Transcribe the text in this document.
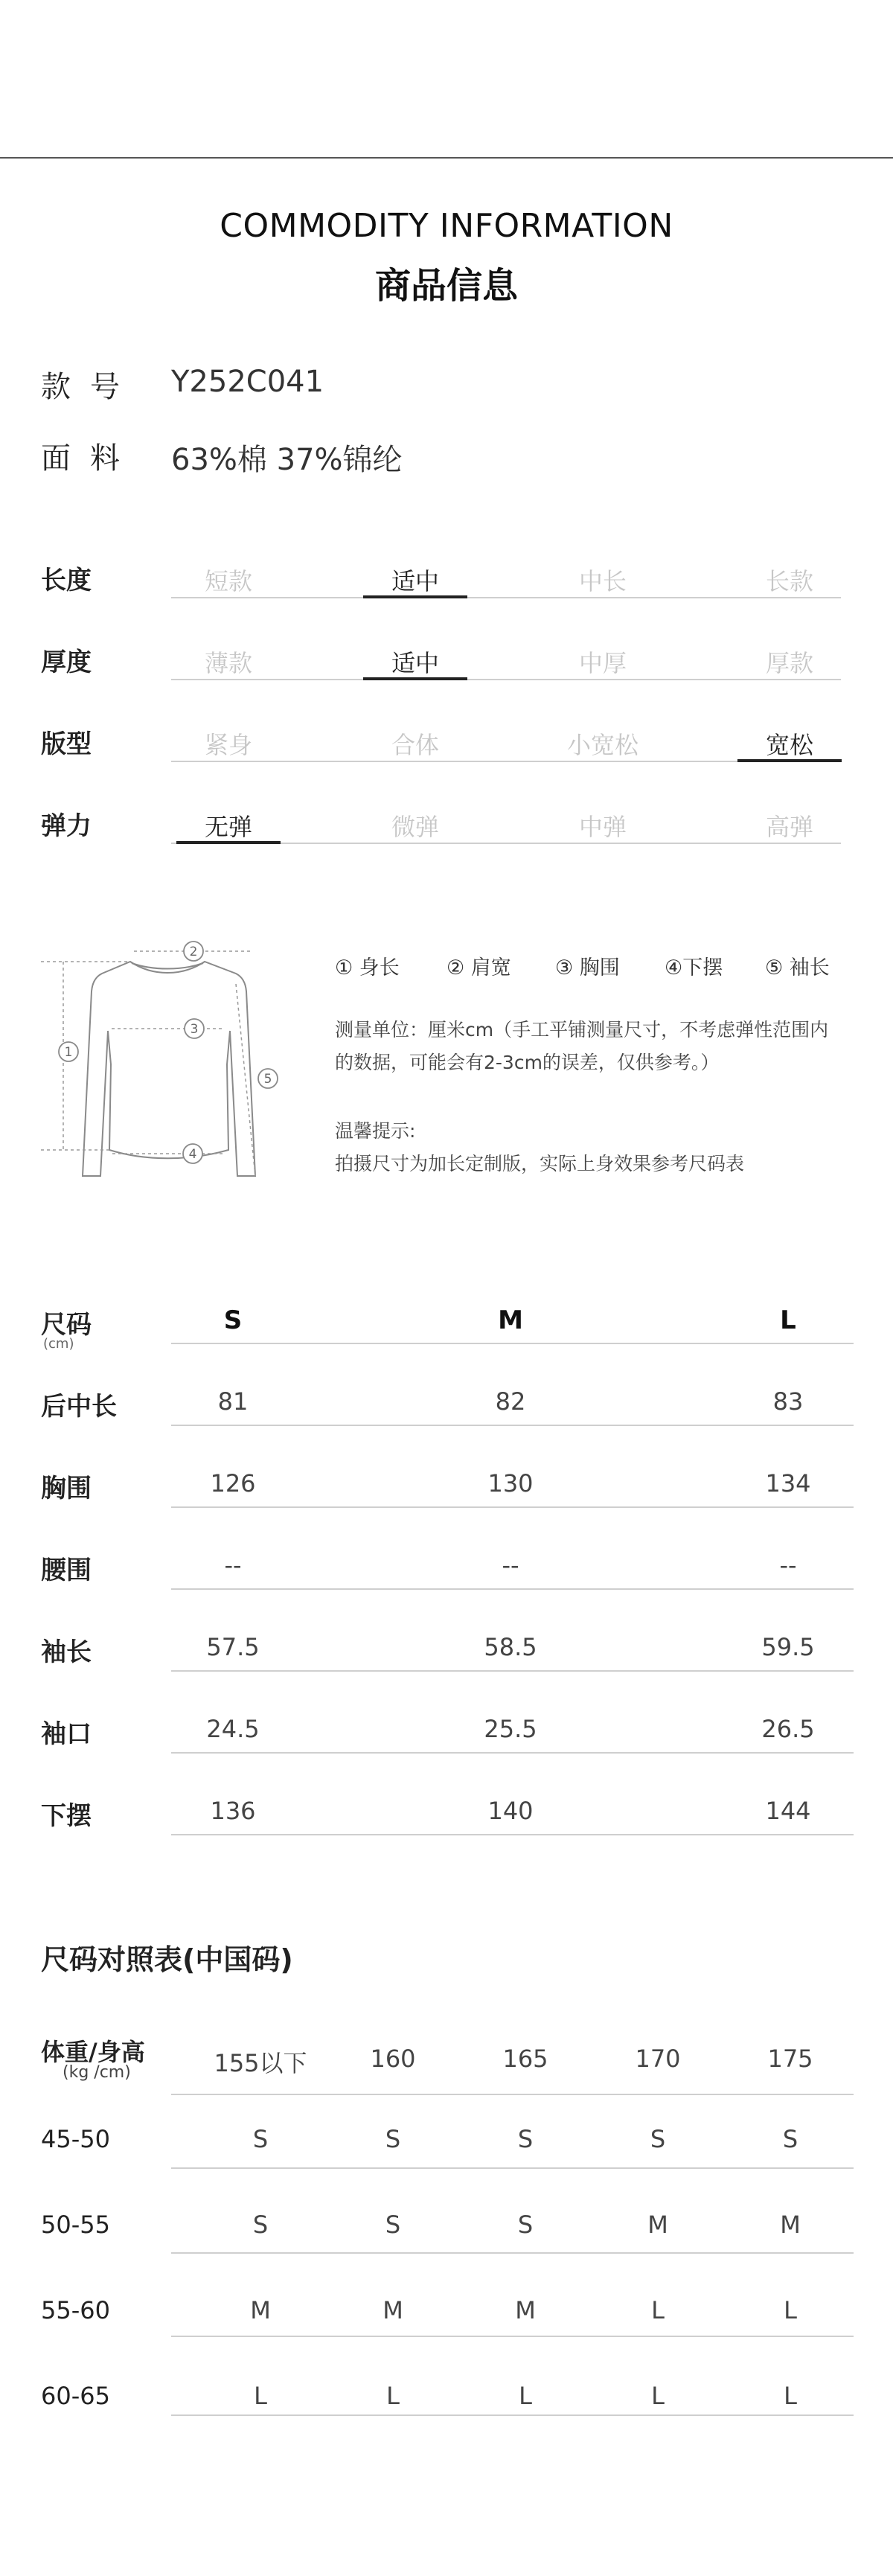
COMMODITY INFORMATION
商品信息
款号 Y252C041
面料 63%棉 37%锦纶
长度	短款	适中	中长	长款
厚度	薄款	适中	中厚	厚款
版型	紧身	合体	小宽松	宽松
弹力	无弹	微弹	中弹	高弹
1
2
3
4
5
① 身长 ② 肩宽 ③ 胸围 ④下摆 ⑤ 袖长
测量单位：厘米cm（手工平铺测量尺寸，不考虑弹性范围内
的数据，可能会有2-3cm的误差，仅供参考。）
温馨提示:
拍摄尺寸为加长定制版，实际上身效果参考尺码表
尺码
(cm)
S	M	L
后中长	81	82	83
胸围	126	130	134
腰围	--	--	--
袖长	57.5	58.5	59.5
袖口	24.5	25.5	26.5
下摆	136	140	144
尺码对照表(中国码)
体重/身高
(kg /cm)	155以下	160	165	170	175
45-50	S	S	S	S	S
50-55	S	S	S	M	M
55-60	M	M	M	L	L
60-65	L	L	L	L	L
